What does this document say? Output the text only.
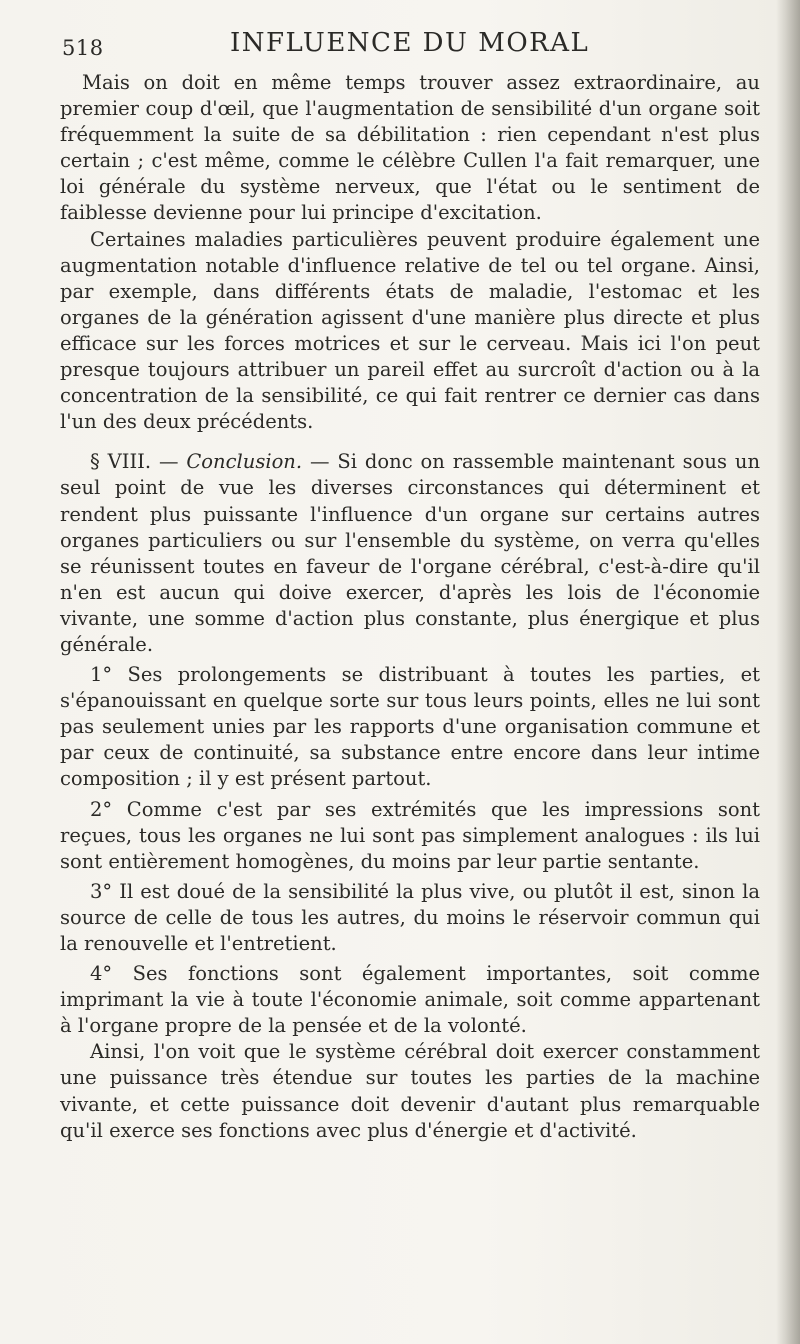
518	INFLUENCE DU MORAL

Mais on doit en même temps trouver assez extraordinaire, au premier coup d'œil, que l'augmentation de sensibilité d'un organe soit fréquemment la suite de sa débilitation : rien cependant n'est plus certain ; c'est même, comme le célèbre Cullen l'a fait remarquer, une loi générale du système nerveux, que l'état ou le sentiment de faiblesse devienne pour lui principe d'excitation.

Certaines maladies particulières peuvent produire également une augmentation notable d'influence relative de tel ou tel organe. Ainsi, par exemple, dans différents états de maladie, l'estomac et les organes de la génération agissent d'une manière plus directe et plus efficace sur les forces motrices et sur le cerveau. Mais ici l'on peut presque toujours attribuer un pareil effet au surcroît d'action ou à la concentration de la sensibilité, ce qui fait rentrer ce dernier cas dans l'un des deux précédents.

§ VIII. — Conclusion. — Si donc on rassemble maintenant sous un seul point de vue les diverses circonstances qui déterminent et rendent plus puissante l'influence d'un organe sur certains autres organes particuliers ou sur l'ensemble du système, on verra qu'elles se réunissent toutes en faveur de l'organe cérébral, c'est-à-dire qu'il n'en est aucun qui doive exercer, d'après les lois de l'économie vivante, une somme d'action plus constante, plus énergique et plus générale.

1° Ses prolongements se distribuant à toutes les parties, et s'épanouissant en quelque sorte sur tous leurs points, elles ne lui sont pas seulement unies par les rapports d'une organisation commune et par ceux de continuité, sa substance entre encore dans leur intime composition ; il y est présent partout.

2° Comme c'est par ses extrémités que les impressions sont reçues, tous les organes ne lui sont pas simplement analogues : ils lui sont entièrement homogènes, du moins par leur partie sentante.

3° Il est doué de la sensibilité la plus vive, ou plutôt il est, sinon la source de celle de tous les autres, du moins le réservoir commun qui la renouvelle et l'entretient.

4° Ses fonctions sont également importantes, soit comme imprimant la vie à toute l'économie animale, soit comme appartenant à l'organe propre de la pensée et de la volonté.

Ainsi, l'on voit que le système cérébral doit exercer constamment une puissance très étendue sur toutes les parties de la machine vivante, et cette puissance doit devenir d'autant plus remarquable qu'il exerce ses fonctions avec plus d'énergie et d'activité.
